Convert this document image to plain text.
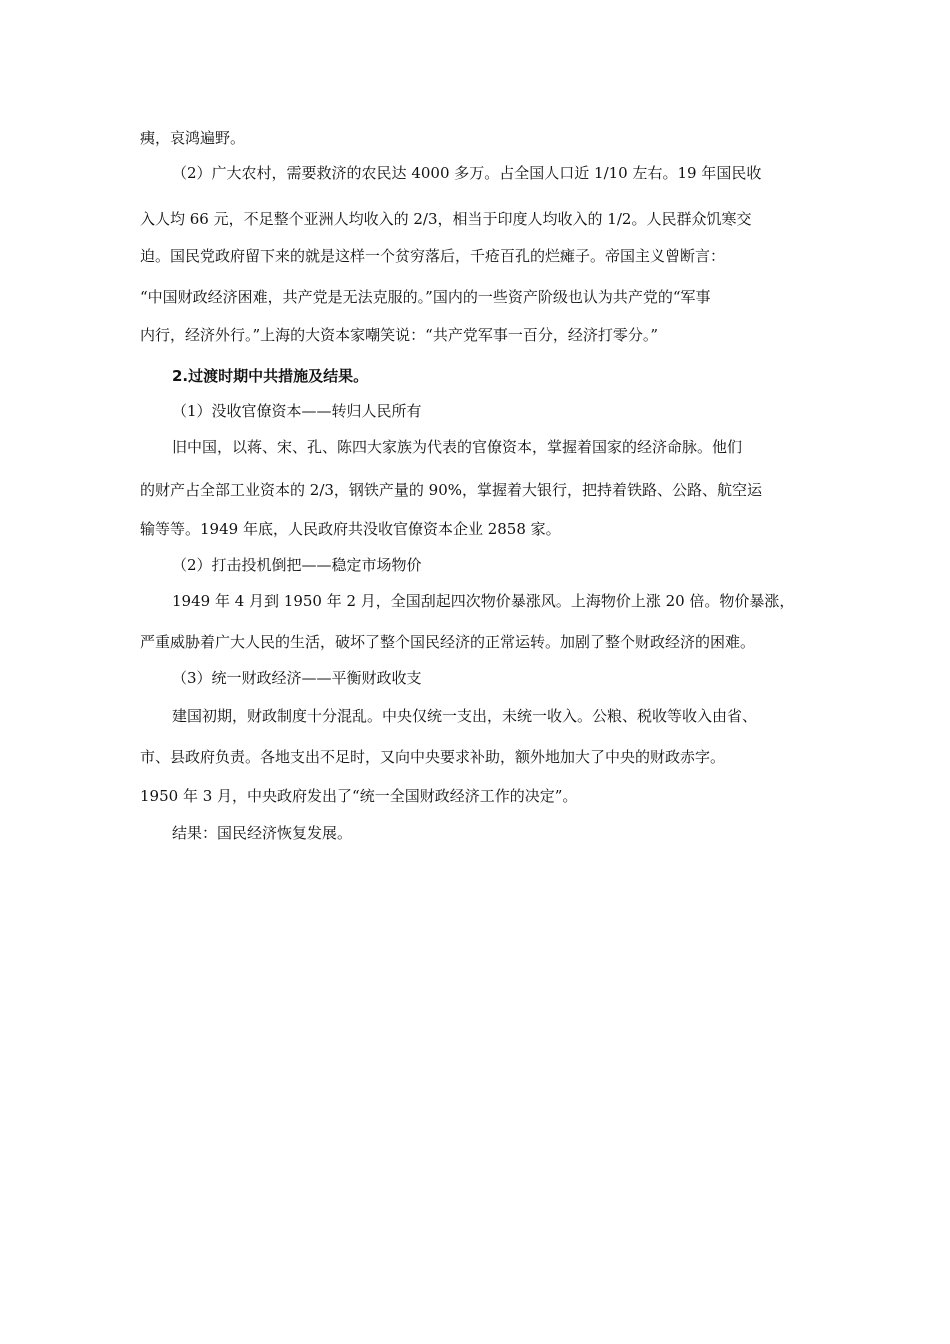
痍，哀鸿遍野。
（2）广大农村，需要救济的农民达 4000 多万。占全国人口近 1/10 左右。19 年国民收
入人均 66 元，不足整个亚洲人均收入的 2/3，相当于印度人均收入的 1/2。人民群众饥寒交
迫。国民党政府留下来的就是这样一个贫穷落后，千疮百孔的烂瘫子。帝国主义曾断言：
“中国财政经济困难，共产党是无法克服的。”国内的一些资产阶级也认为共产党的“军事
内行，经济外行。”上海的大资本家嘲笑说：“共产党军事一百分，经济打零分。”
2.过渡时期中共措施及结果。
（1）没收官僚资本——转归人民所有
旧中国，以蒋、宋、孔、陈四大家族为代表的官僚资本，掌握着国家的经济命脉。他们
的财产占全部工业资本的 2/3，钢铁产量的 90%，掌握着大银行，把持着铁路、公路、航空运
输等等。1949 年底，人民政府共没收官僚资本企业 2858 家。
（2）打击投机倒把——稳定市场物价
1949 年 4 月到 1950 年 2 月，全国刮起四次物价暴涨风。上海物价上涨 20 倍。物价暴涨，
严重威胁着广大人民的生活，破坏了整个国民经济的正常运转。加剧了整个财政经济的困难。
（3）统一财政经济——平衡财政收支
建国初期，财政制度十分混乱。中央仅统一支出，未统一收入。公粮、税收等收入由省、
市、县政府负责。各地支出不足时，又向中央要求补助，额外地加大了中央的财政赤字。
1950 年 3 月，中央政府发出了“统一全国财政经济工作的决定”。
结果：国民经济恢复发展。
